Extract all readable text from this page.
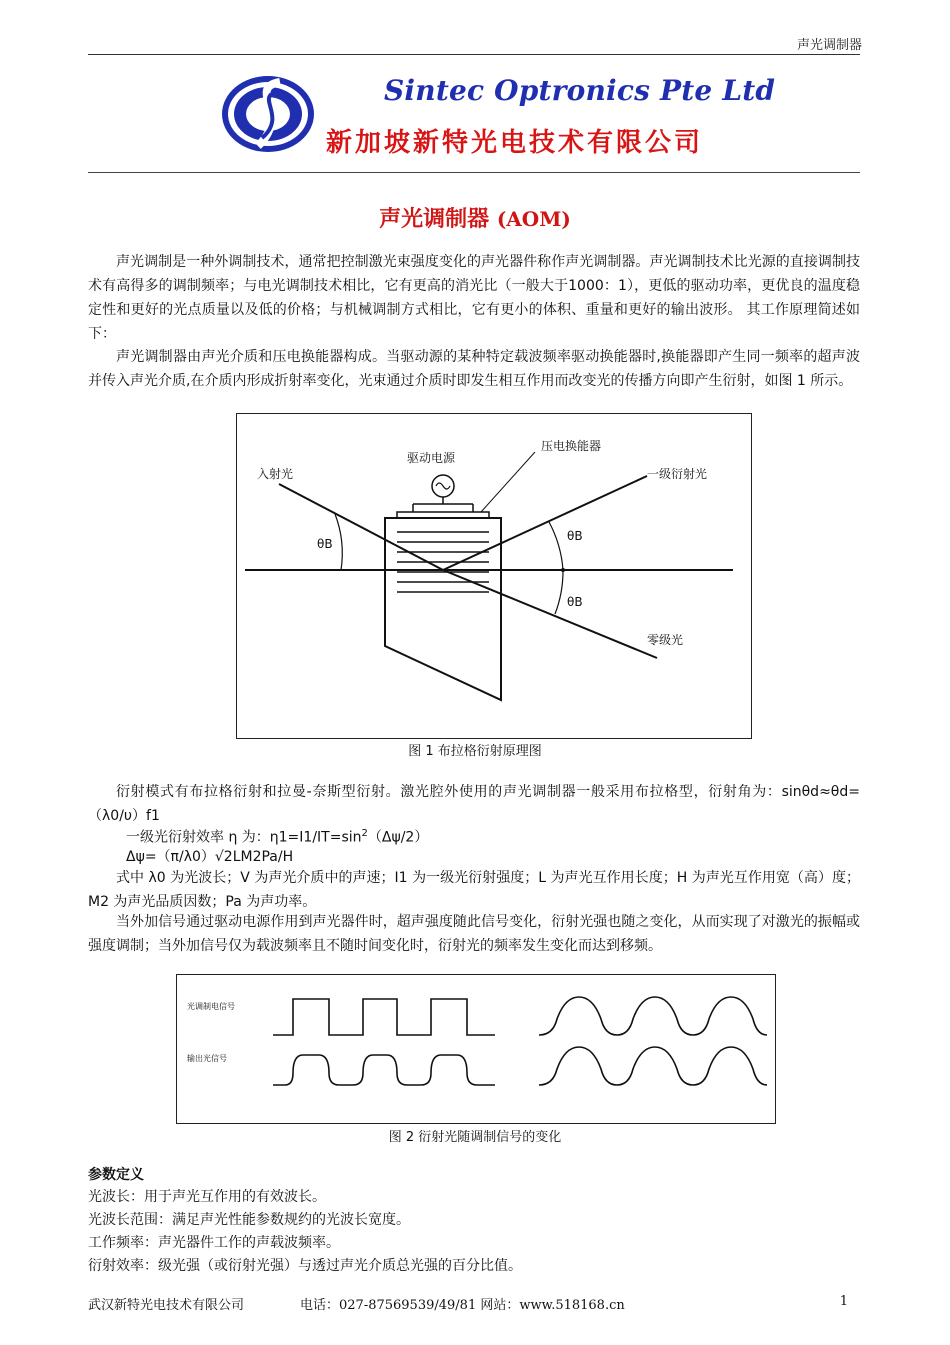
声光调制器
Sintec Optronics Pte Ltd
新加坡新特光电技术有限公司
声光调制器 (AOM)

声光调制是一种外调制技术，通常把控制激光束强度变化的声光器件称作声光调制器。声光调制技术比光源的直接调制技术有高得多的调制频率；与电光调制技术相比，它有更高的消光比（一般大于1000：1），更低的驱动功率，更优良的温度稳定性和更好的光点质量以及低的价格；与机械调制方式相比，它有更小的体积、重量和更好的输出波形。 其工作原理简述如下：

声光调制器由声光介质和压电换能器构成。当驱动源的某种特定载波频率驱动换能器时,换能器即产生同一频率的超声波并传入声光介质,在介质内形成折射率变化，光束通过介质时即发生相互作用而改变光的传播方向即产生衍射，如图 1 所示。

入射光
驱动电源
压电换能器
一级衍射光
零级光
θB
θB
θB
图 1 布拉格衍射原理图

衍射模式有布拉格衍射和拉曼-奈斯型衍射。激光腔外使用的声光调制器一般采用布拉格型，衍射角为：sinθd≈θd=（λ0/υ）f1

一级光衍射效率 η 为：$\eta 1=I1/IT=\sin^2(\Delta\psi/2)$
Δψ=（π/λ0）√2LM2Pa/H

式中 λ0 为光波长；V 为声光介质中的声速；I1 为一级光衍射强度；L 为声光互作用长度；H 为声光互作用宽（高）度；M2 为声光品质因数；Pa 为声功率。

当外加信号通过驱动电源作用到声光器件时，超声强度随此信号变化，衍射光强也随之变化，从而实现了对激光的振幅或强度调制；当外加信号仅为载波频率且不随时间变化时，衍射光的频率发生变化而达到移频。

光调制电信号
输出光信号
图 2 衍射光随调制信号的变化
参数定义
光波长：用于声光互作用的有效波长。
光波长范围：满足声光性能参数规约的光波长宽度。
工作频率：声光器件工作的声载波频率。
衍射效率：级光强（或衍射光强）与透过声光介质总光强的百分比值。
武汉新特光电技术有限公司	电话：027-87569539/49/81 网站：www.518168.cn	1
